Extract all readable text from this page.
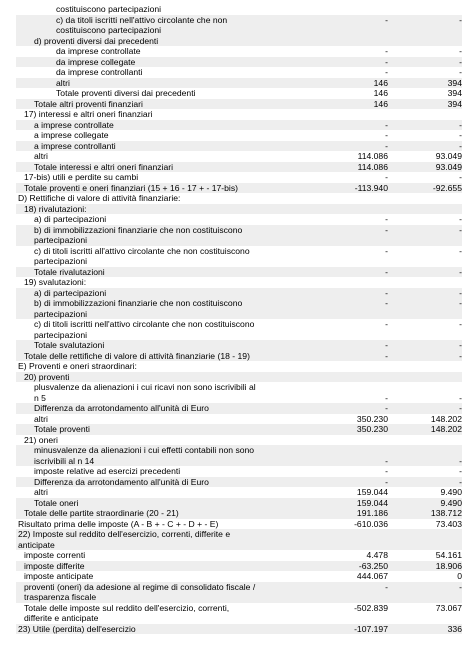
costituiscono partecipazioni
c) da titoli iscritti nell'attivo circolante che non	-	-
costituiscono partecipazioni
d) proventi diversi dai precedenti
da imprese controllate	-	-
da imprese collegate	-	-
da imprese controllanti	-	-
altri	146	394
Totale proventi diversi dai precedenti	146	394
Totale altri proventi finanziari	146	394
17) interessi e altri oneri finanziari
a imprese controllate	-	-
a imprese collegate	-	-
a imprese controllanti	-	-
altri	114.086	93.049
Totale interessi e altri oneri finanziari	114.086	93.049
17-bis) utili e perdite su cambi	-	-
Totale proventi e oneri finanziari (15 + 16 - 17 + - 17-bis)	-113.940	-92.655
D) Rettifiche di valore di attività finanziarie:
18) rivalutazioni:
a) di partecipazioni	-	-
b) di immobilizzazioni finanziarie che non costituiscono	-	-
partecipazioni
c) di titoli iscritti all'attivo circolante che non costituiscono	-	-
partecipazioni
Totale rivalutazioni	-	-
19) svalutazioni:
a) di partecipazioni	-	-
b) di immobilizzazioni finanziarie che non costituiscono	-	-
partecipazioni
c) di titoli iscritti nell'attivo circolante che non costituiscono	-	-
partecipazioni
Totale svalutazioni	-	-
Totale delle rettifiche di valore di attività finanziarie (18 - 19)	-	-
E) Proventi e oneri straordinari:
20) proventi
plusvalenze da alienazioni i cui ricavi non sono iscrivibili al
n 5	-	-
Differenza da arrotondamento all'unità di Euro	-	-
altri	350.230	148.202
Totale proventi	350.230	148.202
21) oneri
minusvalenze da alienazioni i cui effetti contabili non sono
iscrivibili al n 14	-	-
imposte relative ad esercizi precedenti	-	-
Differenza da arrotondamento all'unità di Euro	-	-
altri	159.044	9.490
Totale oneri	159.044	9.490
Totale delle partite straordinarie (20 - 21)	191.186	138.712
Risultato prima delle imposte (A - B + - C + - D + - E)	-610.036	73.403
22) Imposte sul reddito dell'esercizio, correnti, differite e
anticipate
imposte correnti	4.478	54.161
imposte differite	-63.250	18.906
imposte anticipate	444.067	0
proventi (oneri) da adesione al regime di consolidato fiscale /	-	-
trasparenza fiscale
Totale delle imposte sul reddito dell'esercizio, correnti,	-502.839	73.067
differite e anticipate
23) Utile (perdita) dell'esercizio	-107.197	336
